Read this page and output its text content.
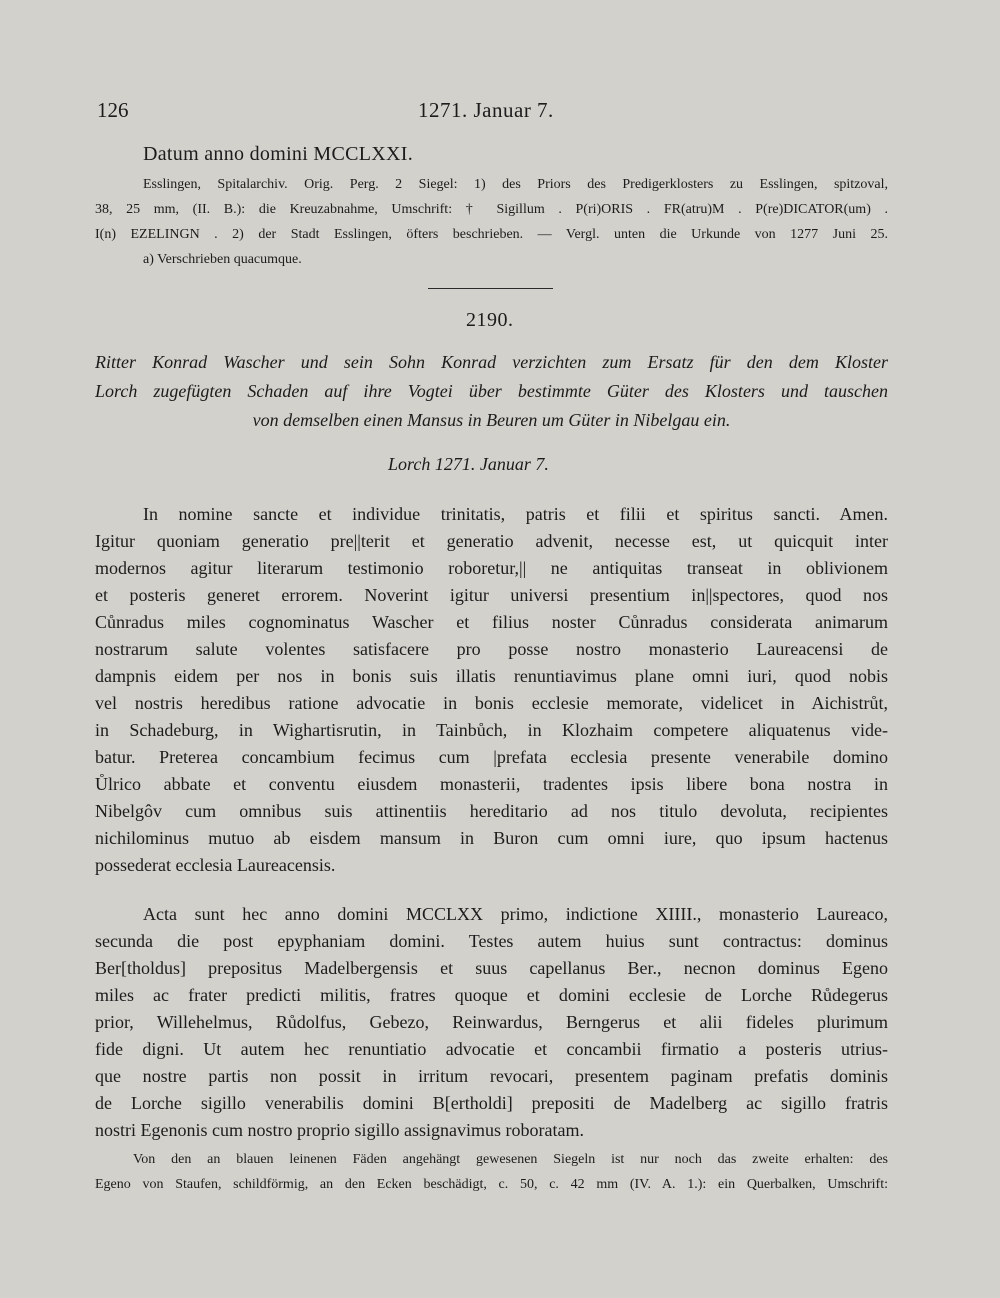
126	1271. Januar 7.
Datum anno domini MCCLXXI.
Esslingen, Spitalarchiv. Orig. Perg. 2 Siegel: 1) des Priors des Predigerklosters zu Esslingen, spitzoval,
38, 25 mm, (II. B.): die Kreuzabnahme, Umschrift: † Sigillum . P(ri)ORIS . FR(atru)M . P(re)DICATOR(um) .
I(n) EZELINGN . 2) der Stadt Esslingen, öfters beschrieben. — Vergl. unten die Urkunde von 1277 Juni 25.
a) Verschrieben quacumque.
2190.
Ritter Konrad Wascher und sein Sohn Konrad verzichten zum Ersatz für den dem Kloster
Lorch zugefügten Schaden auf ihre Vogtei über bestimmte Güter des Klosters und tauschen
von demselben einen Mansus in Beuren um Güter in Nibelgau ein.
Lorch 1271. Januar 7.
In nomine sancte et individue trinitatis, patris et filii et spiritus sancti. Amen.
Igitur quoniam generatio pre||terit et generatio advenit, necesse est, ut quicquit inter
modernos agitur literarum testimonio roboretur,|| ne antiquitas transeat in oblivionem
et posteris generet errorem. Noverint igitur universi presentium in||spectores, quod nos
Cůnradus miles cognominatus Wascher et filius noster Cůnradus considerata animarum
nostrarum salute volentes satisfacere pro posse nostro monasterio Laureacensi de
dampnis eidem per nos in bonis suis illatis renuntiavimus plane omni iuri, quod nobis
vel nostris heredibus ratione advocatie in bonis ecclesie memorate, videlicet in Aichistrůt,
in Schadeburg, in Wighartisrutin, in Tainbůch, in Klozhaim competere aliquatenus vide-
batur. Preterea concambium fecimus cum |prefata ecclesia presente venerabile domino
Ůlrico abbate et conventu eiusdem monasterii, tradentes ipsis libere bona nostra in
Nibelgôv cum omnibus suis attinentiis hereditario ad nos titulo devoluta, recipientes
nichilominus mutuo ab eisdem mansum in Buron cum omni iure, quo ipsum hactenus
possederat ecclesia Laureacensis.
Acta sunt hec anno domini MCCLXX primo, indictione XIIII., monasterio Laureaco,
secunda die post epyphaniam domini. Testes autem huius sunt contractus: dominus
Ber[tholdus] prepositus Madelbergensis et suus capellanus Ber., necnon dominus Egeno
miles ac frater predicti militis, fratres quoque et domini ecclesie de Lorche Růdegerus
prior, Willehelmus, Růdolfus, Gebezo, Reinwardus, Berngerus et alii fideles plurimum
fide digni. Ut autem hec renuntiatio advocatie et concambii firmatio a posteris utrius-
que nostre partis non possit in irritum revocari, presentem paginam prefatis dominis
de Lorche sigillo venerabilis domini B[ertholdi] prepositi de Madelberg ac sigillo fratris
nostri Egenonis cum nostro proprio sigillo assignavimus roboratam.
Von den an blauen leinenen Fäden angehängt gewesenen Siegeln ist nur noch das zweite erhalten: des
Egeno von Staufen, schildförmig, an den Ecken beschädigt, c. 50, c. 42 mm (IV. A. 1.): ein Querbalken, Umschrift:
